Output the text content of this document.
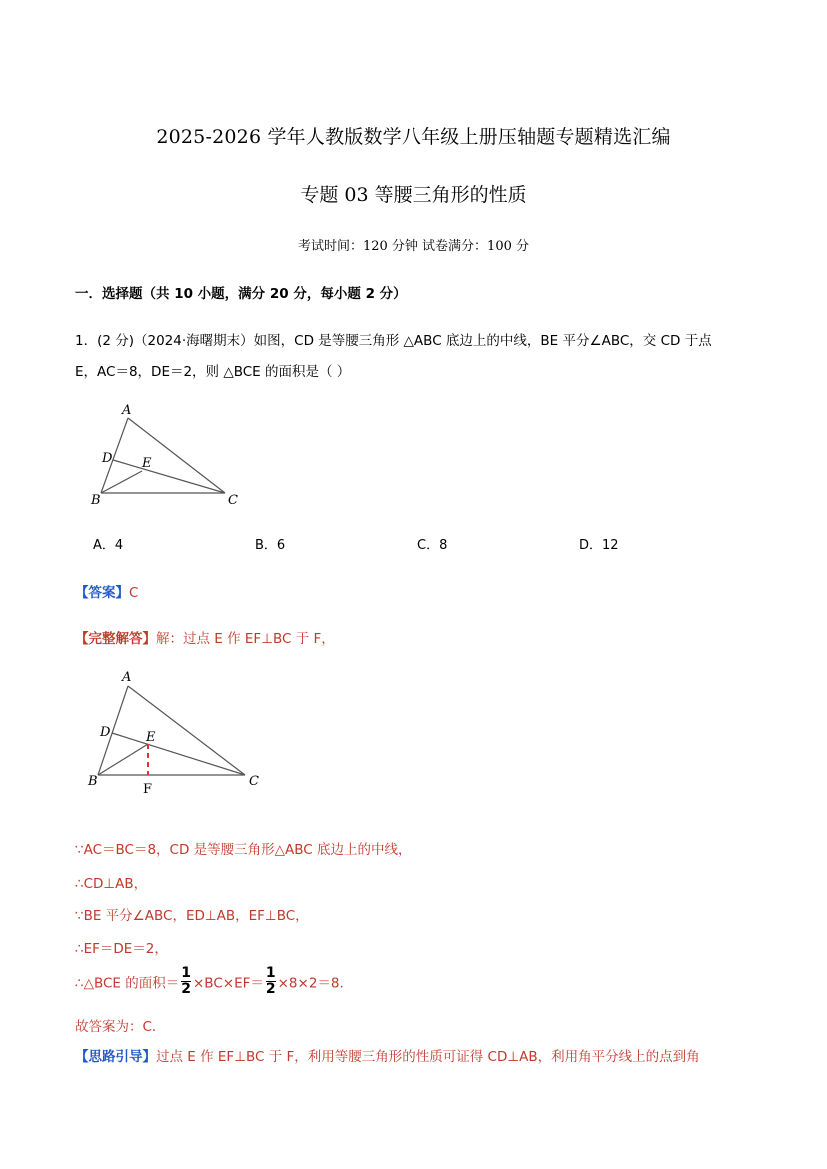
2025-2026 学年人教版数学八年级上册压轴题专题精选汇编
专题 03 等腰三角形的性质
考试时间：120 分钟 试卷满分：100 分
一．选择题（共 10 小题，满分 20 分，每小题 2 分）
1．(2 分)（2024·海曙期末）如图，CD 是等腰三角形 △ABC 底边上的中线，BE 平分∠ABC，交 CD 于点
E，AC＝8，DE＝2，则 △BCE 的面积是（ ）
A
D E
B	C
A．4	B．6	C．8	D．12
【答案】C
【完整解答】解：过点 E 作 EF⊥BC 于 F，
A
D	E
B	C
F
∵AC＝BC＝8，CD 是等腰三角形△ABC 底边上的中线，
∴CD⊥AB，
∵BE 平分∠ABC，ED⊥AB，EF⊥BC，
∴EF＝DE＝2，
∴△BCE 的面积＝ $\frac{1}{2} \times BC\times EF= \frac{1}{2} \times 8\times 2=8$.
故答案为：C.
【思路引导】过点 E 作 EF⊥BC 于 F，利用等腰三角形的性质可证得 CD⊥AB，利用角平分线上的点到角
